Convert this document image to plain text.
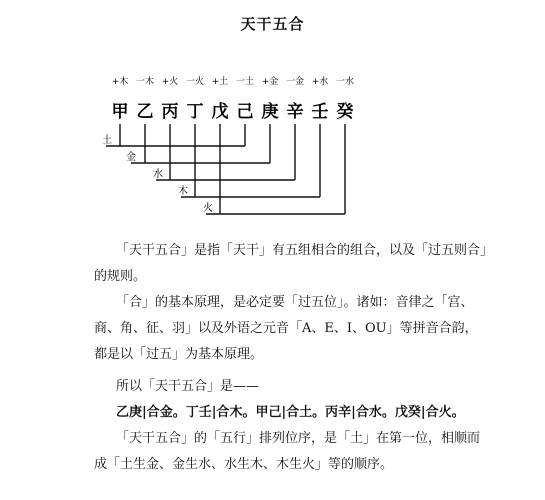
天干五合
+木
甲
一木
乙
+火
丙
一火
丁
+土
戊
一土
己
+金
庚
一金
辛
+水
壬
一水
癸
土
金
水
木
火
「天干五合」是指「天干」有五组相合的组合，以及「过五则合」
的规则。
「合」的基本原理，是必定要「过五位」。诸如：音律之「宫、
商、角、征、羽」以及外语之元音「A、E、I、OU」等拼音合韵，
都是以「过五」为基本原理。
所以「天干五合」是——
乙庚|合金。丁壬|合木。甲己|合土。丙辛|合水。戊癸|合火。
「天干五合」的「五行」排列位序，是「土」在第一位，相顺而
成「土生金、金生水、水生木、木生火」等的顺序。
